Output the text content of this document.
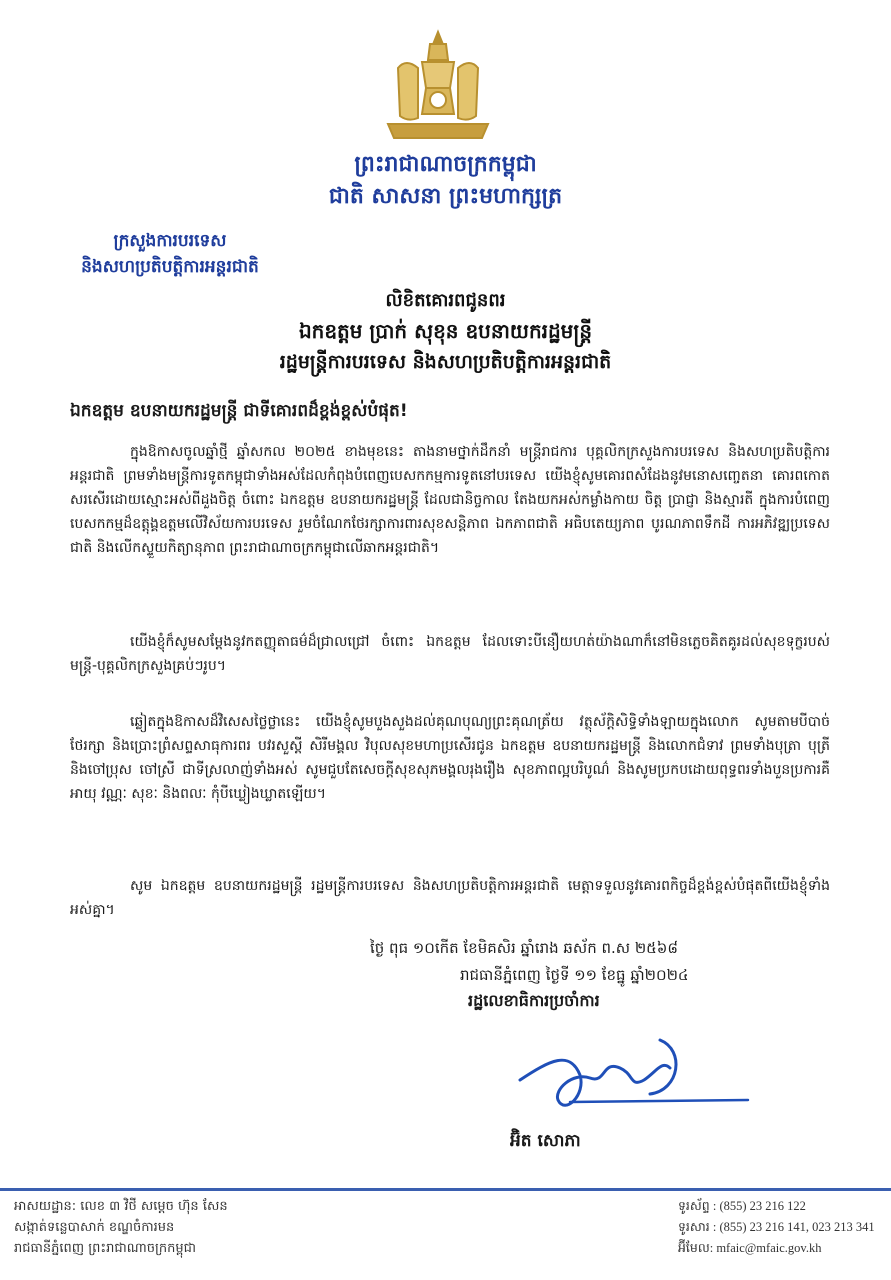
ព្រះរាជាណាចក្រកម្ពុជា
ជាតិ សាសនា ព្រះមហាក្សត្រ
ក្រសួងការបរទេស
និងសហប្រតិបត្តិការអន្តរជាតិ
លិខិតគោរពជូនពរ
ឯកឧត្តម ប្រាក់ សុខុន ឧបនាយករដ្ឋមន្ត្រី
រដ្ឋមន្ត្រីការបរទេស និងសហប្រតិបត្តិការអន្តរជាតិ
ឯកឧត្តម ឧបនាយករដ្ឋមន្ត្រី ជាទីគោរពដ៏ខ្ពង់ខ្ពស់បំផុត!
ក្នុងឱកាសចូលឆ្នាំថ្មី ឆ្នាំសកល ២០២៥ ខាងមុខនេះ តាងនាមថ្នាក់ដឹកនាំ មន្ត្រីរាជការ បុគ្គលិកក្រសួងការបរទេស និងសហប្រតិបត្តិការអន្តរជាតិ ព្រមទាំងមន្ត្រីការទូតកម្ពុជាទាំងអស់ដែលកំពុងបំពេញបេសកកម្មការទូតនៅបរទេស យើងខ្ញុំសូមគោរពសំដែងនូវមនោសញ្ចេតនា គោរពកោតសរសើរដោយស្មោះអស់ពីដួងចិត្ត ចំពោះ ឯកឧត្តម ឧបនាយករដ្ឋមន្ត្រី ដែលជានិច្ចកាល តែងយកអស់កម្លាំងកាយ ចិត្ត ប្រាជ្ញា និងស្មារតី ក្នុងការបំពេញបេសកកម្មដ៏ឧត្ដុង្គឧត្តមលើវិស័យការបរទេស រួមចំណែកថែរក្សាការពារសុខសន្តិភាព ឯកភាពជាតិ អធិបតេយ្យភាព បូរណភាពទឹកដី ការអភិវឌ្ឍប្រទេសជាតិ និងលើកស្ទួយកិត្យានុភាព ព្រះរាជាណាចក្រកម្ពុជាលើឆាកអន្តរជាតិ។
យើងខ្ញុំក៏សូមសម្ដែងនូវកតញ្ញុតាធម៌ដ៏ជ្រាលជ្រៅ ចំពោះ ឯកឧត្តម ដែលទោះបីនឿយហត់យ៉ាងណាក៏នៅមិនភ្លេចគិតគូរដល់សុខទុក្ខរបស់មន្ត្រី-បុគ្គលិកក្រសួងគ្រប់ៗរូប។
ឆ្លៀតក្នុងឱកាសដ៏វិសេសថ្លៃថ្លានេះ យើងខ្ញុំសូមបួងសួងដល់គុណបុណ្យព្រះគុណត្រ័យ វត្ថុស័ក្តិសិទ្ធិទាំងឡាយក្នុងលោក សូមតាមបីបាច់ថែរក្សា និងប្រោះព្រំសព្ទសាធុការពរ បវរសួស្តី សិរីមង្គល វិបុលសុខមហាប្រសើរជូន ឯកឧត្តម ឧបនាយករដ្ឋមន្ត្រី និងលោកជំទាវ ព្រមទាំងបុត្រា បុត្រី និងចៅប្រុស ចៅស្រី ជាទីស្រលាញ់ទាំងអស់ សូមជួបតែសេចក្តីសុខសុភមង្គលរុងរឿង សុខភាពល្អបរិបូណ៌ និងសូមប្រកបដោយពុទ្ធពរទាំងបួនប្រការគឺ អាយុ វណ្ណៈ សុខៈ និងពលៈ កុំបីឃ្លៀងឃ្លាតឡើយ។
សូម ឯកឧត្តម ឧបនាយករដ្ឋមន្ត្រី រដ្ឋមន្ត្រីការបរទេស និងសហប្រតិបត្តិការអន្តរជាតិ មេត្តាទទួលនូវគោរពកិច្ចដ៏ខ្ពង់ខ្ពស់បំផុតពីយើងខ្ញុំទាំងអស់គ្នា។
ថ្ងៃ ពុធ ១០កើត ខែមិគសិរ ឆ្នាំរោង ឆស័ក ព.ស ២៥៦៨
រាជធានីភ្នំពេញ ថ្ងៃទី ១១ ខែធ្នូ ឆ្នាំ២០២៤
រដ្ឋលេខាធិការប្រចាំការ
អ៊ិត សោភា
អាសយដ្ឋាន: លេខ ៣ វិថី សម្ដេច ហ៊ុន សែន
សង្កាត់ទន្លេបាសាក់ ខណ្ឌចំការមន
រាជធានីភ្នំពេញ ព្រះរាជាណាចក្រកម្ពុជា
ទូរស័ព្ទ : (855) 23 216 122
ទូរសារ : (855) 23 216 141, 023 213 341
អ៊ីមែល: mfaic@mfaic.gov.kh
